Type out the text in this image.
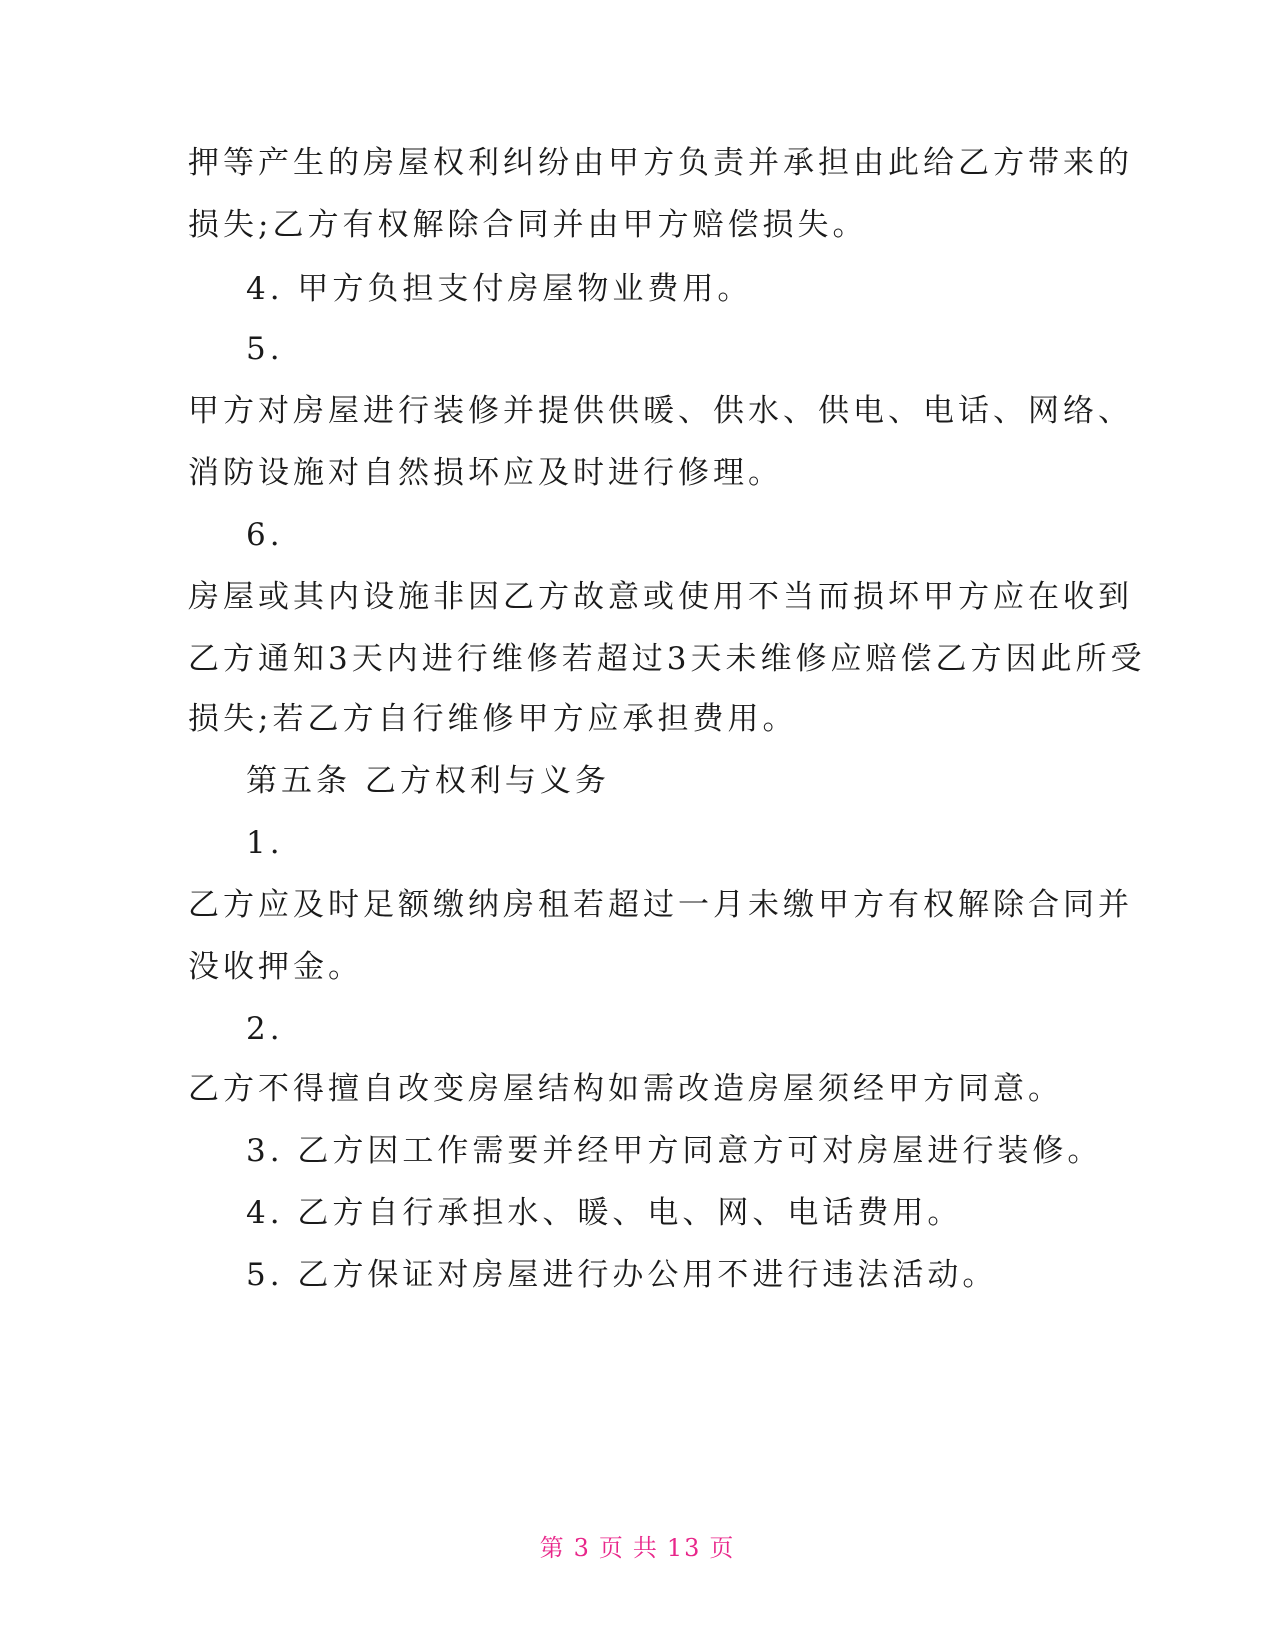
押等产生的房屋权利纠纷由甲方负责并承担由此给乙方带来的
损失;乙方有权解除合同并由甲方赔偿损失。
4. 甲方负担支付房屋物业费用。
5.
甲方对房屋进行装修并提供供暖、供水、供电、电话、网络、
消防设施对自然损坏应及时进行修理。
6.
房屋或其内设施非因乙方故意或使用不当而损坏甲方应在收到
乙方通知3天内进行维修若超过3天未维修应赔偿乙方因此所受
损失;若乙方自行维修甲方应承担费用。
第五条 乙方权利与义务
1.
乙方应及时足额缴纳房租若超过一月未缴甲方有权解除合同并
没收押金。
2.
乙方不得擅自改变房屋结构如需改造房屋须经甲方同意。
3. 乙方因工作需要并经甲方同意方可对房屋进行装修。
4. 乙方自行承担水、暖、电、网、电话费用。
5. 乙方保证对房屋进行办公用不进行违法活动。
第 3 页 共 13 页
